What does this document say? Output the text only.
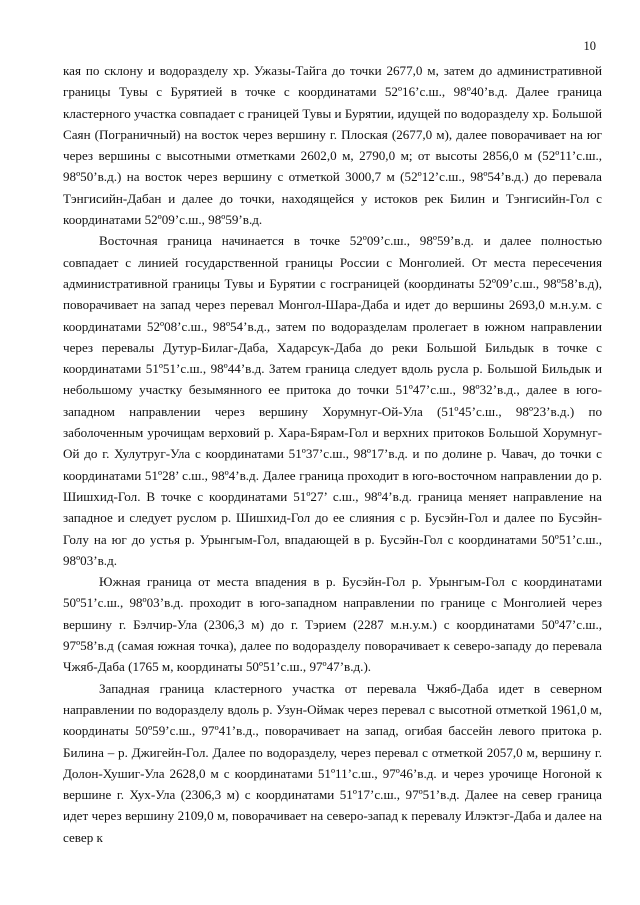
10

кая по склону и водоразделу хр. Ужазы-Тайга до точки 2677,0 м, затем до административной границы Тувы с Бурятией в точке с координатами 52º16’с.ш., 98º40’в.д. Далее граница кластерного участка совпадает с границей Тувы и Бурятии, идущей по водоразделу хр. Большой Саян (Пограничный) на восток через вершину г. Плоская (2677,0 м), далее поворачивает на юг через вершины с высотными отметками 2602,0 м, 2790,0 м; от высоты 2856,0 м (52º11’с.ш., 98º50’в.д.) на восток через вершину с отметкой 3000,7 м (52º12’с.ш., 98º54’в.д.) до перевала Тэнгисийн-Дабан и далее до точки, находящейся у истоков рек Билин и Тэнгисийн-Гол с координатами 52º09’с.ш., 98º59’в.д.

Восточная граница начинается в точке 52º09’с.ш., 98º59’в.д. и далее полностью совпадает с линией государственной границы России с Монголией. От места пересечения административной границы Тувы и Бурятии с госграницей (координаты 52º09’с.ш., 98º58’в.д), поворачивает на запад через перевал Монгол-Шара-Даба и идет до вершины 2693,0 м.н.у.м. с координатами 52º08’с.ш., 98º54’в.д., затем по водоразделам пролегает в южном направлении через перевалы Дутур-Билаг-Даба, Хадарсук-Даба до реки Большой Бильдык в точке с координатами 51º51’с.ш., 98º44’в.д. Затем граница следует вдоль русла р. Большой Бильдык и небольшому участку безымянного ее притока до точки 51º47’с.ш., 98º32’в.д., далее в юго-западном направлении через вершину Хорумнуг-Ой-Ула (51º45’с.ш., 98º23’в.д.) по заболоченным урочищам верховий р. Хара-Бярам-Гол и верхних притоков Большой Хорумнуг-Ой до г. Хулутруг-Ула с координатами 51º37’с.ш., 98º17’в.д. и по долине р. Чавач, до точки с координатами 51º28’ с.ш., 98º4’в.д. Далее граница проходит в юго-восточном направлении до р. Шишхид-Гол. В точке с координатами 51º27’ с.ш., 98º4’в.д. граница меняет направление на западное и следует руслом р. Шишхид-Гол до ее слияния с р. Бусэйн-Гол и далее по Бусэйн-Голу на юг до устья р. Урынгым-Гол, впадающей в р. Бусэйн-Гол с координатами 50º51’с.ш., 98º03’в.д.

Южная граница от места впадения в р. Бусэйн-Гол р. Урынгым-Гол с координатами 50º51’с.ш., 98º03’в.д. проходит в юго-западном направлении по границе с Монголией через вершину г. Бэлчир-Ула (2306,3 м) до г. Тэрием (2287 м.н.у.м.) с координатами 50º47’с.ш., 97º58’в.д (самая южная точка), далее по водоразделу поворачивает к северо-западу до перевала Чжяб-Даба (1765 м, координаты 50º51’с.ш., 97º47’в.д.).

Западная граница кластерного участка от перевала Чжяб-Даба идет в северном направлении по водоразделу вдоль р. Узун-Оймак через перевал с высотной отметкой 1961,0 м, координаты 50º59’с.ш., 97º41’в.д., поворачивает на запад, огибая бассейн левого притока р. Билина – р. Джигейн-Гол. Далее по водоразделу, через перевал с отметкой 2057,0 м, вершину г. Долон-Хушиг-Ула 2628,0 м с координатами 51º11’с.ш., 97º46’в.д. и через урочище Ногоной к вершине г. Хух-Ула (2306,3 м) с координатами 51º17’с.ш., 97º51’в.д. Далее на север граница идет через вершину 2109,0 м, поворачивает на северо-запад к перевалу Илэктэг-Даба и далее на север к
